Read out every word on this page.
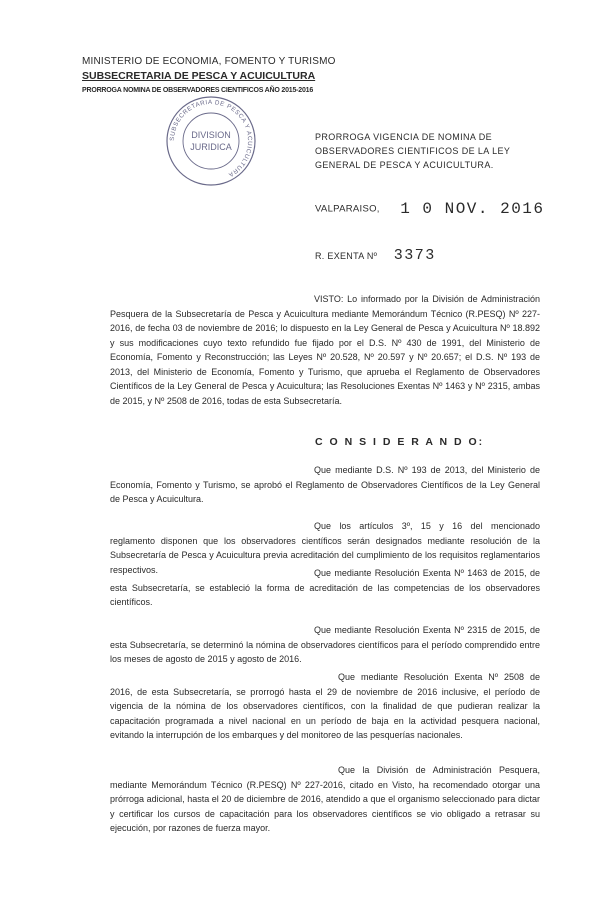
MINISTERIO DE ECONOMIA, FOMENTO Y TURISMO
SUBSECRETARIA DE PESCA Y ACUICULTURA
PRORROGA NOMINA DE OBSERVADORES CIENTIFICOS AÑO 2015-2016
SUBSECRETARIA DE PESCA Y ACUICULTURA
DIVISION
JURIDICA
PRORROGA VIGENCIA DE NOMINA DE OBSERVADORES CIENTIFICOS DE LA LEY GENERAL DE PESCA Y ACUICULTURA.
VALPARAISO, 1 0 NOV. 2016
R. EXENTA Nº 3373

VISTO: Lo informado por la División de Administración Pesquera de la Subsecretaría de Pesca y Acuicultura mediante Memorándum Técnico (R.PESQ) Nº 227-2016, de fecha 03 de noviembre de 2016; lo dispuesto en la Ley General de Pesca y Acuicultura Nº 18.892 y sus modificaciones cuyo texto refundido fue fijado por el D.S. Nº 430 de 1991, del Ministerio de Economía, Fomento y Reconstrucción; las Leyes Nº 20.528, Nº 20.597 y Nº 20.657; el D.S. Nº 193 de 2013, del Ministerio de Economía, Fomento y Turismo, que aprueba el Reglamento de Observadores Científicos de la Ley General de Pesca y Acuicultura; las Resoluciones Exentas Nº 1463 y Nº 2315, ambas de 2015, y Nº 2508 de 2016, todas de esta Subsecretaría.

C O N S I D E R A N D O:

Que mediante D.S. Nº 193 de 2013, del Ministerio de Economía, Fomento y Turismo, se aprobó el Reglamento de Observadores Científicos de la Ley General de Pesca y Acuicultura.

Que los artículos 3º, 15 y 16 del mencionado reglamento disponen que los observadores científicos serán designados mediante resolución de la Subsecretaría de Pesca y Acuicultura previa acreditación del cumplimiento de los requisitos reglamentarios respectivos.	Que mediante Resolución Exenta Nº 1463 de 2015, de esta Subsecretaría, se estableció la forma de acreditación de las competencias de los observadores científicos.

Que mediante Resolución Exenta Nº 2315 de 2015, de esta Subsecretaría, se determinó la nómina de observadores científicos para el período comprendido entre los meses de agosto de 2015 y agosto de 2016.

Que mediante Resolución Exenta Nº 2508 de 2016, de esta Subsecretaría, se prorrogó hasta el 29 de noviembre de 2016 inclusive, el período de vigencia de la nómina de los observadores científicos, con la finalidad de que pudieran realizar la capacitación programada a nivel nacional en un período de baja en la actividad pesquera nacional, evitando la interrupción de los embarques y del monitoreo de las pesquerías nacionales.

Que la División de Administración Pesquera, mediante Memorándum Técnico (R.PESQ) Nº 227-2016, citado en Visto, ha recomendado otorgar una prórroga adicional, hasta el 20 de diciembre de 2016, atendido a que el organismo seleccionado para dictar y certificar los cursos de capacitación para los observadores científicos se vio obligado a retrasar su ejecución, por razones de fuerza mayor.
